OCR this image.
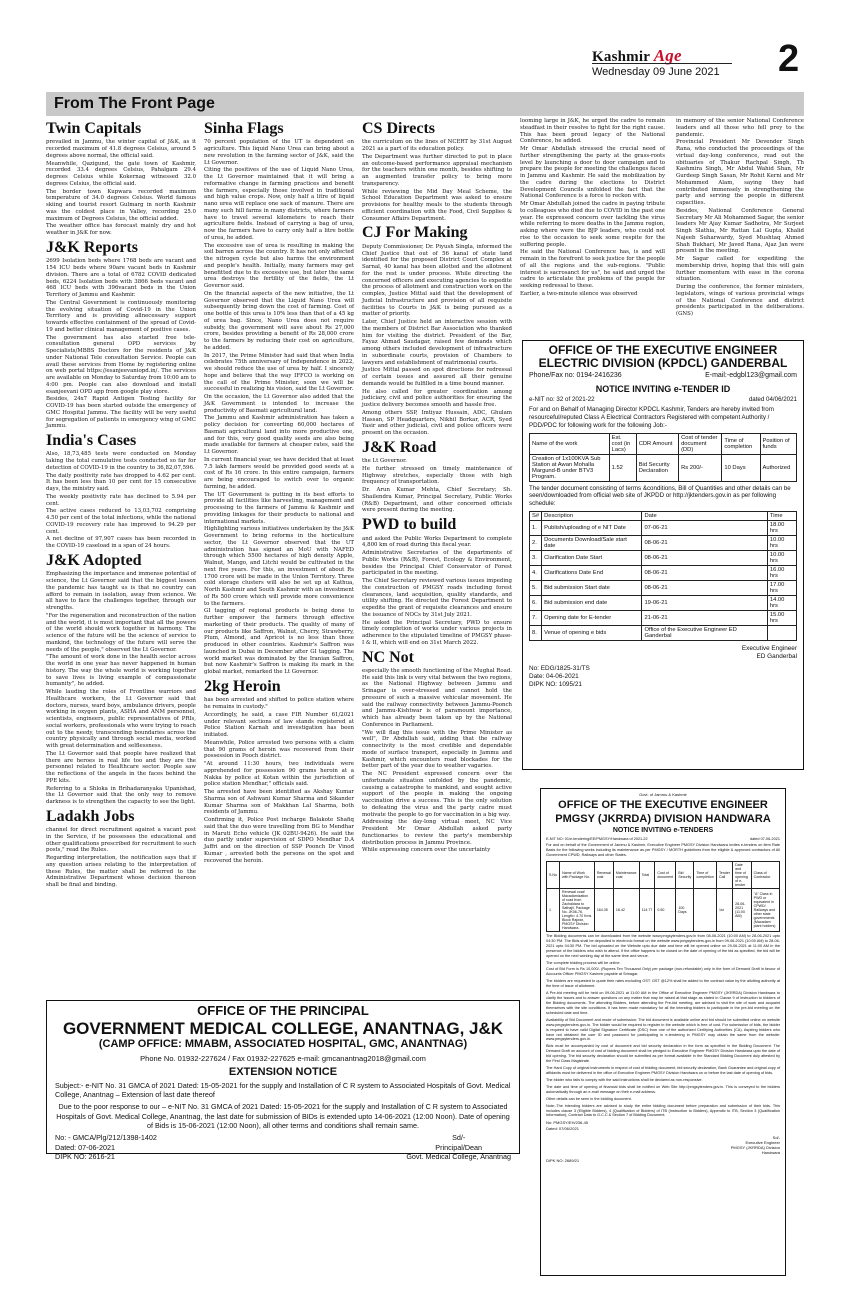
Kashmir Age
Wednesday 09 June 2021 2
From The Front Page
Twin Capitals
prevailed in Jammu, the winter capital of J&K, as it recorded maximum of 41.8 degrees Celsius, around 5 degrees above normal, the official said.
Meanwhile, Qazigund, the gate town of Kashmir, recorded 33.4 degrees Celsius, Pahalgam 29.4 degrees Celsius while Kokernag witnessed 32.0 degrees Celsius, the official said.
The border town Kupwara recorded maximum temperature of 34.0 degrees Celsius. World famous skiing and tourist resort Gulmarg in north Kashmir was the coldest place in Valley, recording 25.0 maximum of Degrees Celsius, the official added.
The weather office has forecast mainly dry and hot weather in J&K for now.
J&K Reports
2699 Isolation beds where 1768 beds are vacant and 154 ICU beds where 90are vacant beds in Kashmir division. There are a total of 6782 COVID dedicated beds, 6224 Isolation beds with 3866 beds vacant and 468 ICU beds with 396vacant beds in the Union Territory of Jammu and Kashmir.
The Central Government is continuously monitoring the evolving situation of Covid-19 in the Union Territory and is providing allnecessary support towards effective containment of the spread of Covid-19 and better clinical management of positive cases.
The government has also started free tele-consultation general OPD services by Specialists/MBBS Doctors for the residents of J&K under National Tele consultation Service. People can avail these services from Home by registering online on web portal https://esanjeevaniopd.in/. The services are available on Monday to Saturday from 10:00 am to 4:00 pm. People can also download and install esanjeevani OPD app from google play store.
Besides, 24x7 Rapid Antigen Testing facility for COVID-19 has been started outside the emergency of GMC Hospital Jammu. The facility will be very useful for segregation of patients in emergency wing of GMC Jammu.
India's Cases
Also, 18,73,485 tests were conducted on Monday taking the total cumulative tests conducted so far for detection of COVID-19 in the country to 36,82,07,596.
The daily positivity rate has dropped to 4.62 per cent. It has been less than 10 per cent for 15 consecutive days, the ministry said.
The weekly positivity rate has declined to 5.94 per cent.
The active cases reduced to 13,03,702 comprising 4.50 per cent of the total infections, while the national COVID-19 recovery rate has improved to 94.29 per cent.
A net decline of 97,907 cases has been recorded in the COVID-19 caseload in a span of 24 hours.
J&K Adopted
Emphasizing the importance and immense potential of science, the Lt Governor said that the biggest lesson the pandemic has taught us is that no country can afford to remain in isolation, away from science. We all have to face the challenges together, through our strengths.
"For the regeneration and reconstruction of the nation and the world, it is most important that all the powers of the world should work together in harmony. The science of the future will be the science of service to mankind, the technology of the future will serve the needs of the people," observed the Lt Governor.
"The amount of work done in the health sector across the world in one year has never happened in human history. The way the whole world is working together to save lives is living example of compassionate humanity", he added.
While lauding the roles of Frontline warriors and Healthcare workers, the Lt Governor said that doctors, nurses, ward boys, ambulance drivers, people working in oxygen plants, ASHA and ANM personnel, scientists, engineers, public representatives of PRIs, social workers, professionals who were trying to reach out to the needy, transcending boundaries across the country physically and through social media, worked with great determination and selflessness.
The Lt Governor said that people have realized that there are heroes in real life too and they are the personnel related to Healthcare sector. People saw the reflections of the angels in the faces behind the PPE kits.
Referring to a Shloka in Brihadaranyaka Upanishad, the Lt Governor said that the only way to remove darkness is to strengthen the capacity to see the light.
Ladakh Jobs
channel for direct recruitment against a vacant post in the Service, if he possesses the educational and other qualifications prescribed for recruitment to such posts," read the Rules.
Regarding interpretation, the notification says that if any question arises relating to the interpretation of these Rules, the matter shall be referred to the Administrative Department whose decision thereon shall be final and binding.
Sinha Flags
70 percent population of the UT is dependent on agriculture. This liquid Nano Urea can bring about a new revolution in the farming sector of J&K, said the Lt Governor.
Citing the positives of the use of Liquid Nano Urea, the Lt Governor maintained that it will bring a reformative change in farming practices and benefit the farmers, especially those involved in traditional and high value crops. Now, only half a litre of liquid nano urea will replace one sack of manure. There are many such hill farms in many districts, where farmers have to travel several kilometers to reach their agriculture fields. Instead of carrying a bag of urea, now the farmers have to carry only half a litre bottle of urea, he added.
The excessive use of urea is resulting in making the soil barren across the country. It has not only affected the nitrogen cycle but also harms the environment and people's health. Initially, many farmers may get benefitted due to its excessive use, but later the same urea destroys the fertility of the fields, the Lt Governor said.
On the financial aspects of the new initiative, the Lt Governor observed that the Liquid Nano Urea will subsequently bring down the cost of farming. Cost of one bottle of this urea is 10% less than that of a 45 kg of urea bag. Since, Nano Urea does not require subsidy, the government will save about Rs 27,000 crore, besides providing a benefit of Rs 28,000 crore to the farmers by reducing their cost on agriculture, he added.
In 2017, the Prime Minister had said that when India celebrates 75th anniversary of Independence in 2022, we should reduce the use of urea by half. I sincerely hope and believe that the way IFFCO is working on the call of the Prime Minister, soon we will be successful in realizing his vision, said the Lt Governor.
On the occasion, the Lt Governor also added that the J&K Government is intended to increase the productivity of Basmati agricultural land.
The Jammu and Kashmir administration has taken a policy decision for converting 60,000 hectares of Basmati agricultural land into more productive one, and for this, very good quality seeds are also being made available for farmers at cheaper rates, said the Lt Governor.
In current financial year, we have decided that at least 7.5 lakh farmers would be provided good seeds at a cost of Rs 16 crore. In this entire campaign, farmers are being encouraged to switch over to organic farming, he added.
The UT Government is putting in its best efforts to provide all facilities like harvesting, management and processing to the farmers of Jammu & Kashmir and providing linkages for their products to national and international markets.
Highlighting various initiatives undertaken by the J&K Government to bring reforms in the horticulture sector, the Lt Governor observed that the UT administration has signed an MoU with NAFED through which 5500 hectares of high density Apple, Walnut, Mango, and Litchi would be cultivated in the next five years. For this, an investment of about Rs 1700 crore will be made in the Union Territory. Three cold storage clusters will also be set up at Kathua, North Kashmir and South Kashmir with an investment of Rs 500 crore which will provide more convenience to the farmers.
GI tagging of regional products is being done to further empower the farmers through effective marketing of their products. The quality of many of our products like Saffron, Walnut, Cherry, Strawberry, Plum, Almond, and Apricot is no less than those produced in other countries. Kashmir's Saffron was launched in Dubai in December after GI tagging. The world market was dominated by the Iranian Saffron, but now Kashmir's Saffron is making its mark in the global market, remarked the Lt Governor.
2kg Heroin
has been arrested and shifted to police station where he remains in custody."
Accordingly, he said, a case FIR Number 61/2021 under relevant sections of law stands registered at Police Station Karnah and investigation has been initiated.
Meanwhile, Police arrested two persons with a claim that 90 grams of heroin was recovered from their possession in Pooch district.
"At around 11:30 hours, two individuals were apprehended for possession 90 grams heroin at a Nakka by police at Kotan within the jurisdiction of police station Mendhar," officials said.
The arrested have been identified as Akshay Kumar Sharma son of Ashwani Kumar Sharma and Sikander Kumar Sharma son of Makkhan Lal Sharma, both residents of Jammu.
Confirming it, Police Post incharge Balakote Shafiq said that the duo were travelling from BG to Mendhar in Maruti Echo vehicle (JK 02BU-9426). He said the duo partly under supervision of SDPO Mendhar D.A Jaffri and on the direction of SSP Poonch Dr Vinod Kumar , arrested both the persons on the spot and recovered the heroin.
CS Directs
the curriculum on the lines of NCERT by 31st August 2021 as a part of its education policy.
The Department was further directed to put in place an outcome-based performance appraisal mechanism for the teachers within one month, besides shifting to an augmented transfer policy to bring more transparency.
While reviewing the Mid Day Meal Scheme, the School Education Department was asked to ensure provisions for healthy meals to the students through efficient coordination with the Food, Civil Supplies & Consumer Affairs Department.
CJ For Making
Deputy Commissioner, Dr. Piyush Singla, informed the Chief Justice that out of 56 kanal of state land identified for the proposed District Court Complex at Sarnal, 40 kanal has been allotted and the allotment for the rest is under process. While directing the concerned officers and executing agencies to expedite the process of allotment and construction work on the complex, Justice Mittal said that the development of Judicial Infrastructure and provision of all requisite facilities to Courts in J&K is being pursued as a matter of priority.
Later, Chief Justice held an interactive session with the members of District Bar Association who thanked him for visiting the district. President of the Bar, Fayaz Ahmad Saudagar, raised few demands which among others included development of infrastructure in subordinate courts, provision of Chambers to lawyers and establishment of matrimonial courts.
Justice Mittal passed on spot directions for redressal of certain issues and assured all their genuine demands would be fulfilled in a time bound manner.
He also called for greater coordination among judiciary, civil and police authorities for ensuring the justice delivery becomes smooth and hassle free.
Among others SSP, Imtiyaz Hussain, ADC, Ghulam Hassan, SP Headquarters, Nikhil Borkar, ACR, Syed Yasir and other judicial, civil and police officers were present on the occasion.
J&K Road
the Lt Governor.
He further stressed on timely maintenance of Highway stretches, especially those with high frequency of transportation.
Dr. Arun Kumar Mehta, Chief Secretary; Sh. Shailendra Kumar, Principal Secretary, Public Works (R&B) Department, and other concerned officials were present during the meeting.
PWD to build
and asked the Public Works Department to complete 4,800 km of road during this fiscal year.
Administrative Secretaries of the departments of Public Works (R&B), Forest, Ecology & Environment, besides the Principal Chief Conservator of Forest participated in the meeting.
The Chief Secretary reviewed various issues impeding the construction of PMGSY roads including forest clearances, land acquisition, quality standards, and utility shifting. He directed the Forest Department to expedite the grant of requisite clearances and ensure the issuance of NOCs by 31st July 2021.
He asked the Principal Secretary, PWD to ensure timely completion of works under various projects in adherence to the stipulated timeline of PMGSY phase-I & II, which will end on 31st March 2022.
NC Not
especially the smooth functioning of the Mughal Road. He said this link is very vital between the two regions, as the National Highway between Jammu and Srinagar is over-stressed and cannot hold the pressure of such a massive vehicular movement. He said the railway connectivity between Jammu-Poonch and Jammu-Kishtwar is of paramount importance, which has already been taken up by the National Conference in Parliament.
"We will flag this issue with the Prime Minister as well", Dr Abdullah said, adding that the railway connectivity is the most credible and dependable mode of surface transport, especially in Jammu and Kashmir, which encounters road blockades for the better part of the year due to weather vagaries.
The NC President expressed concern over the unfortunate situation unfolded by the pandemic, causing a catastrophe to mankind, and sought active support of the people in making the ongoing vaccination drive a success. This is the only solution to defeating the virus and the party cadre must motivate the people to go for vaccination in a big way.
Addressing the day-long virtual meet, NC Vice President Mr Omar Abdullah asked party functionaries to review the party's membership distribution process in Jammu Province.
While expressing concern over the uncertainty
looming large in J&K, he urged the cadre to remain steadfast in their resolve to fight for the right cause. This has been proud legacy of the National Conference, he added.
Mr Omar Abdullah stressed the crucial need of further strengthening the party at the grass-roots level by launching a door to door campaign and to prepare the people for meeting the challenges faced in Jammu and Kashmir. He said the mobilization by the cadre during the elections to District Development Councils unfolded the fact that the National Conference is a force to reckon with.
Mr Omar Abdullah joined the cadre in paying tribute to colleagues who died due to COVID in the past one year. He expressed concern over tackling the virus while referring to more deaths in the Jammu region, asking where were the BJP leaders, who could not rise to the occasion to seek some respite for the suffering people.
He said the National Conference has, is and will remain in the forefront to seek justice for the people of all the regions and the sub-regions. "Public interest is sacrosanct for us", he said and urged the cadre to articulate the problems of the people for seeking redressal to these.
Earlier, a two-minute silence was observed
in memory of the senior National Conference leaders and all those who fell prey to the pandemic.
Provincial President Mr Devender Singh Rana, who conducted the proceedings of the virtual day-long conference, read out the obituaries of Thakur Rachpal Singh, Th Kashmira Singh, Mr Abdul Wahid Shan, Mr Gurdeep Singh Sasan, Mr Rohit Kerni and Mr Mohammed Alam, saying they had contributed immensely in strengthening the party and serving the people in different capacities.
Besides, National Conference General Secretary Mr Ali Mohammed Sagar, the senior leaders Mr Ajay Kumar Sadhotra, Mr Surjeet Singh Slathia, Mr Rattan Lal Gupta, Khalid Najeeb Suharwardy, Syed Mushtaq Ahmed Shah Bukhari, Mr Javed Rana, Ajaz Jan were present in the meeting.
Mr Sagar called for expediting the membership drive, hoping that this will gain further momentum with ease in the corona situation.
During the conference, the former ministers, legislators, wings of various provincial wings of the National Conference and district presidents participated in the deliberations. (GNS)
OFFICE OF THE EXECUTIVE ENGINEER
ELECTRIC DIVISION (KPDCL) GANDERBAL
Phone/Fax no: 0194-2416236	E-mail:-edgbl123@gmail.com
NOTICE INVITING e-TENDER ID
e-NIT no: 32 of 2021-22	dated 04/06/2021
For and on Behalf of Managing Director KPDCL Kashmir, Tenders are hereby invited from resourceful/reputed Class A Electrical Contractors Registered with competent Authority / PDD/PDC for following work for the following Job:-
Name of the work	Est. cost (in Lacs)	CDR Amount	Cost of tender document (DD)	Time of completion	Position of funds
Creation of 1x100KVA Sub Station at Awan Mohalla Margund-B under BTV3 Program.	1.52	Bid Security Declaration	Rs 200/-	10 Days	Authorized
The tender document consisting of terms &conditions, Bill of Quantities and other details can be seen/downloaded from official web site of JKPDD or http://jktenders.gov.in as per following schedule:
S#	Description	Date	Time
1.	Publish/uploading of e NIT Date	07-06-21	18.00 hrs
2.	Documents Download/Sale start date	08-06-21	10.00 hrs
3.	Clarification Date Start	08-06-21	10.00 hrs
4.	Clarifications Date End	08-06-21	16.00 hrs
5.	Bid submission Start date	08-06-21	17.00 hrs
6.	Bid submission end date	19-06-21	14.00 hrs
7.	Opening date for E-tender	21-06-21	15.00 hrs
8.	Venue of opening e bids	Office of the Executive Engineer ED Ganderbal	
Executive Engineer
ED Ganderbal
No: EDG/1825-31/TS
Date: 04-06-2021
DIPK NO: 1095/21
Govt. of Jammu & Kashmir
OFFICE OF THE EXECUTIVE ENGINEER
PMGSY (JKRRDA) DIVISION HANDWARA
NOTICE INVITING e-TENDERS
E-NIT NO: 01/e-tendering/EE/PMGSY/Handwara of 2021-22	dated 07-06-2021
For and on behalf of the Government of Jammu & Kashmir, Executive Engineer PMGSY Division Handwara invites e-tenders on Item Rate Basis for the following works including its maintenance as per PMGSY / MORTH guidelines from the eligible & approved contractors of All Government CPWD, Railways and other States.
S.No	Name of Work with Package No.	Renewal cost	Maintenance cost	Total	Cost of document	Bid Security	Time of completion	Tender Call	Date and time of opening of e-tender	Class of Contractor
1	Renewal coat/ Macadamization of road from Zachaldara to Sathajil, Package No. JK06-76, Length= 4.70 Kms Block Rajwar, PMGSY Division Handwara.	164.35	18.42	114.77	0.50	100 Days		1st	28-06-2021 (11:00 AM)	"A" Class in PWD or equivalent in CPWD/ Railways and other state governments (Macadam plant holders)
The Bidding documents can be downloaded from the website www.pmgsytenders.gov.in from 08-06-2021 (10:00 AM) to 28-06-2021 upto 04:30 PM. The Bids shall be deposited in electronic format on the website www.pmgsytenders.gov.in from 09-06-2021 (10:00 AM) to 28-06-2021 upto 04:30 PM. The bid uploaded on the Website upto due date and time will be opened online on 29-06-2021 at 11:00 AM in the presence of the bidders who wish to attend. If the office happens to be closed on the date of opening of the bid as specified, the bid will be opened on the next working day at the same time and venue.
The complete bidding process will be online.
Cost of Bid Form is Rs 10,000/- (Rupees Ten Thousand Only) per package (non-refundable) only in the form of Demand Draft in favour of Accounts Officer PMGSY Kashmir payable at Srinagar.
The bidders are requested to quote their rates excluding GST. GST @12% shall be added to the contract value by the allotting authority at the time of issue of allotment.
A Pre-bid meeting will be held on 09-06-2021 at 11:00 AM in the Office of Executive Engineer PMGSY (JKRRDA) Division Handwara to clarify the issues and to answer questions on any matter that may be raised at that stage as stated in Clause 9 of instruction to bidders of the Bidding documents. The attending Bidders, before attending the Pre-bid meeting, are advised to visit the site of work and acquaint themselves with the site conditions. It has been made mandatory for all the intending bidders to participate in the pre-bid meeting on the scheduled date and time.
Availability of Bid Document and mode of submission: The bid document is available online and bid should be submitted online on website www.pmgsytenders.gov.in. The bidder would be required to register in the website which is free of cost. For submission of bids, the bidder is required to have valid Digital Signature Certificate (DSC) from one of the authorized Certifying Authorities (CA). Aspiring bidders who have not obtained the user ID and password for participating in e-tendering in PMGSY may obtain the same from the website: www.pmgsytenders.gov.in.
Bids must be accompanied by cost of document and bid security declaration in the form as specified in the Bidding Document. The Demand Draft on account of cost of bidding document shall be pledged to Executive Engineer PMGSY Division Handwara upto the date of bid opening. The bid security declaration should be submitted as per format available in the Standard Bidding Document duly attested by the First Class Magistrate.
The Hard Copy of original instruments in respect of cost of bidding document, bid security declaration, Bank Guarantee and original copy of affidavits must be delivered in the office of Executive Engineer PMGSY Division Handwara on or before the last date of opening of bids.
The bidder who fails to comply with the said instructions shall be declared as non-responsive.
The date and time of opening of financial bids shall be notified on Web Site http://pmgsytenders.gov.in. This is conveyed to the bidders automatically through an e-mail message on their e-mail address.
Other details can be seen in the bidding document.
Note:-The intending bidders are advised to study the entire bidding document before preparation and submission of their bids. This includes clause 3 (Eligible Bidders), 4 (Qualification of Bidders) of ITB (Instruction to Bidders), Appendix to ITB, Section 3 (Qualification Information), Contract Data to G.C.C & Section 7 of Bidding Document.
No: PMGSY/EH/236-45
Dated: 07/06/2021
Sd/-
Executive Engineer
PMGSY (JKRRDA) Division
Handwara
DIPK NO: 2689/21
OFFICE OF THE PRINCIPAL
GOVERNMENT MEDICAL COLLEGE, ANANTNAG, J&K
(CAMP OFFICE: MMABM, ASSOCIATED HOSPITAL, GMC, ANANTNAG)
Phone No. 01932-227624 / Fax 01932-227625 e-mail: gmcanantnag2018@gmail.com
EXTENSION NOTICE
Subject:- e-NIT No. 31 GMCA of 2021 Dated: 15-05-2021 for the supply and Installation of C R system to Associated Hospitals of Govt. Medical College, Anantnag – Extension of last date thereof
Due to the poor response to our – e-NIT No. 31 GMCA of 2021 Dated: 15-05-2021 for the supply and Installation of C R system to Associated Hospitals of Govt. Medical College, Anantnag, the last date for submission of BIDs is extended upto 14-06-2021 (12:00 Noon). Date of opening of Bids is 15-06-2021 (12:00 Noon), all other terms and conditions shall remain same.
No: - GMCA/Plg/212/1398-1402
Dated: 07-06-2021
DIPK NO: 2616-21
Sd/-
Principal/Dean
Govt. Medical College, Anantnag
